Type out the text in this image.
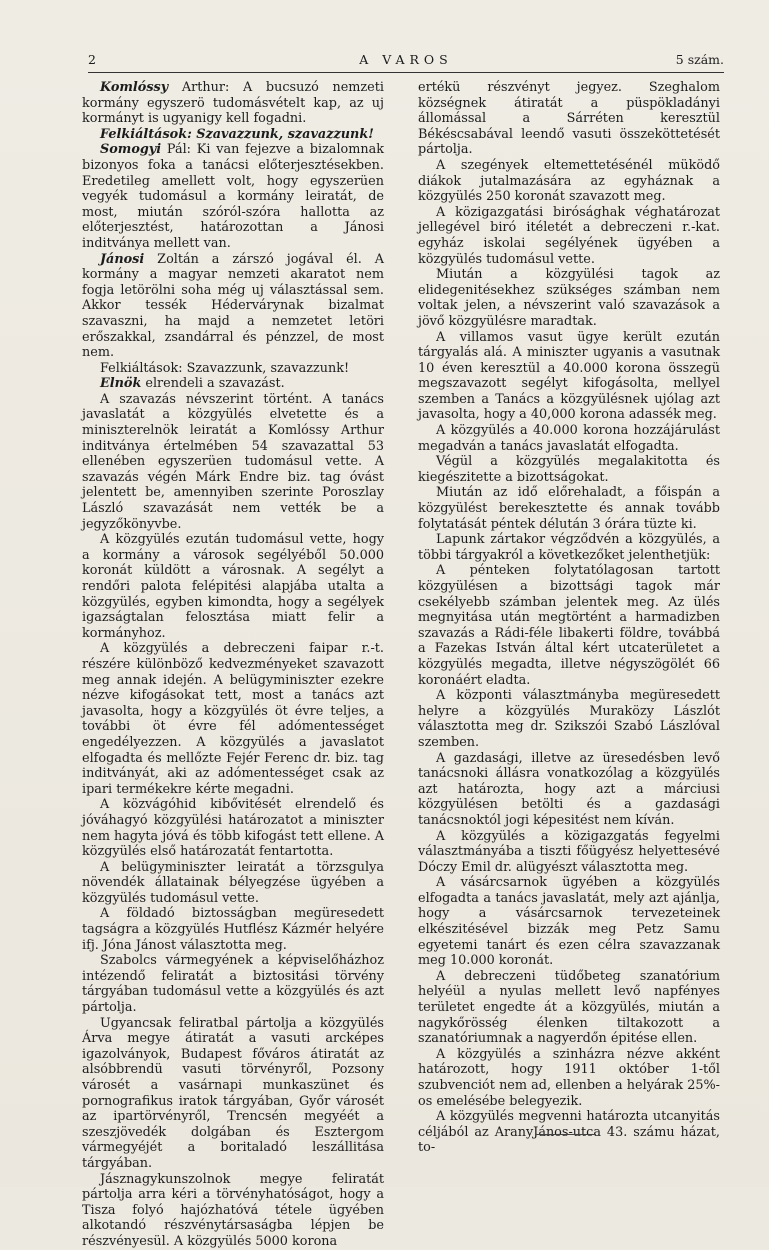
2	A VAROS	5 szám.

Komlóssy Arthur: A bucsuzó nemzeti kormány egyszerö tudomásvételt kap, az uj kormányt is ugyanigy kell fogadni.

Felkiáltások: Szavazzunk, szavazzunk!

Somogyi Pál: Ki van fejezve a bizalomnak bizonyos foka a tanácsi előterjesztésekben. Eredetileg amellett volt, hogy egyszerüen vegyék tudomásul a kormány leiratát, de most, miután szóról-szóra hallotta az előterjesztést, határozottan a Jánosi inditványa mellett van.

Jánosi Zoltán a zárszó jogával él. A kormány a magyar nemzeti akaratot nem fogja letörölni soha még uj választással sem. Akkor tessék Hédervárynak bizalmat szavaszni, ha majd a nemzetet letöri erőszakkal, zsandárral és pénzzel, de most nem.

Felkiáltások: Szavazzunk, szavazzunk!

Elnök elrendeli a szavazást.

A szavazás névszerint történt. A tanács javaslatát a közgyülés elvetette és a miniszterelnök leiratát a Komlóssy Arthur inditványa értelmében 54 szavazattal 53 ellenében egyszerüen tudomásul vette. A szavazás végén Márk Endre biz. tag óvást jelentett be, amennyiben szerinte Poroszlay László szavazását nem vették be a jegyzőkönyvbe.

A közgyülés ezután tudomásul vette, hogy a kormány a városok segélyéből 50.000 koronát küldött a városnak. A segélyt a rendőri palota felépitési alapjába utalta a közgyülés, egyben kimondta, hogy a segélyek igazságtalan felosztása miatt felir a kormányhoz.

A közgyülés a debreczeni faipar r.-t. részére különböző kedvezményeket szavazott meg annak idején. A belügyminiszter ezekre nézve kifogásokat tett, most a tanács azt javasolta, hogy a közgyülés öt évre teljes, a további öt évre fél adómentességet engedélyezzen. A közgyülés a javaslatot elfogadta és mellőzte Fejér Ferenc dr. biz. tag inditványát, aki az adómentességet csak az ipari termékekre kérte megadni.

A közvágóhid kibővitését elrendelő és jóváhagyó közgyülési határozatot a miniszter nem hagyta jóvá és több kifogást tett ellene. A közgyülés első határozatát fentartotta.

A belügyminiszter leiratát a törzsgulya növendék állatainak bélyegzése ügyében a közgyülés tudomásul vette.

A földadó biztosságban megüresedett tagságra a közgyülés Hutflész Kázmér helyére ifj. Jóna Jánost választotta meg.

Szabolcs vármegyének a képviselőházhoz intézendő feliratát a biztositási törvény tárgyában tudomásul vette a közgyülés és azt pártolja.

Ugyancsak feliratbal pártolja a közgyülés Árva megye átiratát a vasuti arcképes igazolványok, Budapest főváros átiratát az alsóbbrendü vasuti törvényről, Pozsony városét a vasárnapi munkaszünet és pornografikus iratok tárgyában, Győr városét az ipartörvényről, Trencsén megyéét a szeszjövedék dolgában és Esztergom vármegyéjét a boritaladó leszállitása tárgyában.

Jásznagykunszolnok megye feliratát pártolja arra kéri a törvényhatóságot, hogy a Tisza folyó hajózhatóvá tétele ügyében alkotandó részvénytársaságba lépjen be részvényesül. A közgyülés 5000 korona

ertékü részvényt jegyez. Szeghalom községnek átiratát a püspökladányi állomással a Sárréten keresztül Békéscsabával leendő vasuti összeköttetését pártolja.

A szegények eltemettetésénél müködő diákok jutalmazására az egyháznak a közgyülés 250 koronát szavazott meg.

A közigazgatási birósághak véghatározat jellegével biró itéletét a debreczeni r.-kat. egyház iskolai segélyének ügyében a közgyülés tudomásul vette.

Miután a közgyülési tagok az elidegenitésekhez szükséges számban nem voltak jelen, a névszerint való szavazások a jövő közgyülésre maradtak.

A villamos vasut ügye került ezután tárgyalás alá. A miniszter ugyanis a vasutnak 10 éven keresztül a 40.000 korona összegü megszavazott segélyt kifogásolta, mellyel szemben a Tanács a közgyülésnek ujólag azt javasolta, hogy a 40,000 korona adassék meg.

A közgyülés a 40.000 korona hozzájárulást megadván a tanács javaslatát elfogadta.

Végül a közgyülés megalakitotta és kiegészitette a bizottságokat.

Miután az idő előrehaladt, a főispán a közgyülést berekesztette és annak tovább folytatását péntek délután 3 órára tüzte ki.

Lapunk zártakor végződvén a közgyülés, a többi tárgyakról a következőket jelenthetjük:

A pénteken folytatólagosan tartott közgyülésen a bizottsági tagok már csekélyebb számban jelentek meg. Az ülés megnyitása után megtörtént a harmadizben szavazás a Rádi-féle libakerti földre, továbbá a Fazekas István által kért utcaterületet a közgyülés megadta, illetve négyszögölét 66 koronáért eladta.

A központi választmányba megüresedett helyre a közgyülés Muraközy Lászlót választotta meg dr. Szikszói Szabó Lászlóval szemben.

A gazdasági, illetve az üresedésben levő tanácsnoki állásra vonatkozólag a közgyülés azt határozta, hogy azt a márciusi közgyülésen betölti és a gazdasági tanácsnoktól jogi képesitést nem kíván.

A közgyülés a közigazgatás fegyelmi választmányába a tiszti főügyész helyettesévé Dóczy Emil dr. alügyészt választotta meg.

A vásárcsarnok ügyében a közgyülés elfogadta a tanács javaslatát, mely azt ajánlja, hogy a vásárcsarnok tervezeteinek elkészitésével bizzák meg Petz Samu egyetemi tanárt és ezen célra szavazzanak meg 10.000 koronát.

A debreczeni tüdőbeteg szanatórium helyéül a nyulas mellett levő napfényes területet engedte át a közgyülés, miután a nagykőrösség élenken tiltakozott a szanatóriumnak a nagyerdőn épitése ellen.

A közgyülés a szinházra nézve akként határozott, hogy 1911 október 1-től szubvenciót nem ad, ellenben a helyárak 25%-os emelésébe belegyezik.

A közgyülés megvenni határozta utcanyitás céljából az AranyJános-utca 43. számu házat, to-
